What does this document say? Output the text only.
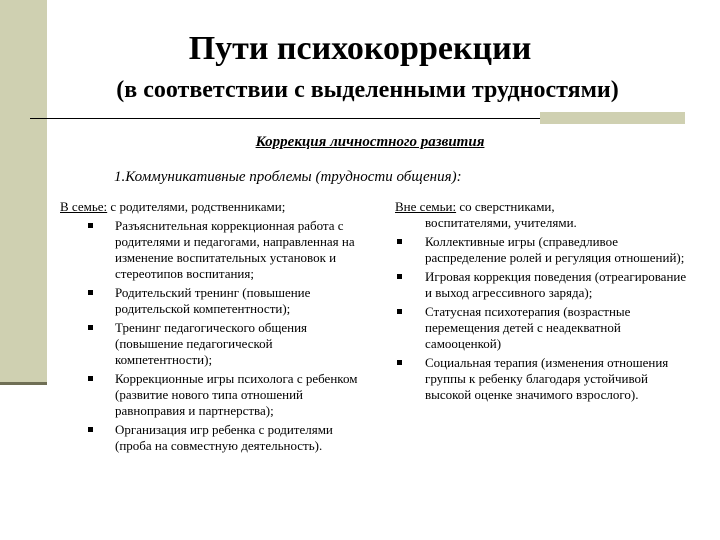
Пути психокоррекции
(в соответствии с выделенными трудностями)
Коррекция личностного развития
1.Коммуникативные проблемы (трудности общения):
В семье: с родителями, родственниками;
Разъяснительная коррекционная работа с родителями и педагогами, направленная на изменение воспитательных установок и стереотипов воспитания;
Родительский тренинг (повышение родительской компетентности);
Тренинг педагогического общения (повышение педагогической компетентности);
Коррекционные игры психолога с ребенком (развитие нового типа отношений равноправия и партнерства);
Организация игр ребенка с родителями (проба на совместную деятельность).
Вне семьи: со сверстниками,
воспитателями, учителями.
Коллективные игры (справедливое распределение ролей и регуляция отношений);
Игровая коррекция поведения (отреагирование и выход агрессивного заряда);
Статусная психотерапия (возрастные перемещения детей с неадекватной самооценкой)
Социальная терапия (изменения отношения группы к ребенку благодаря устойчивой высокой оценке значимого взрослого).
